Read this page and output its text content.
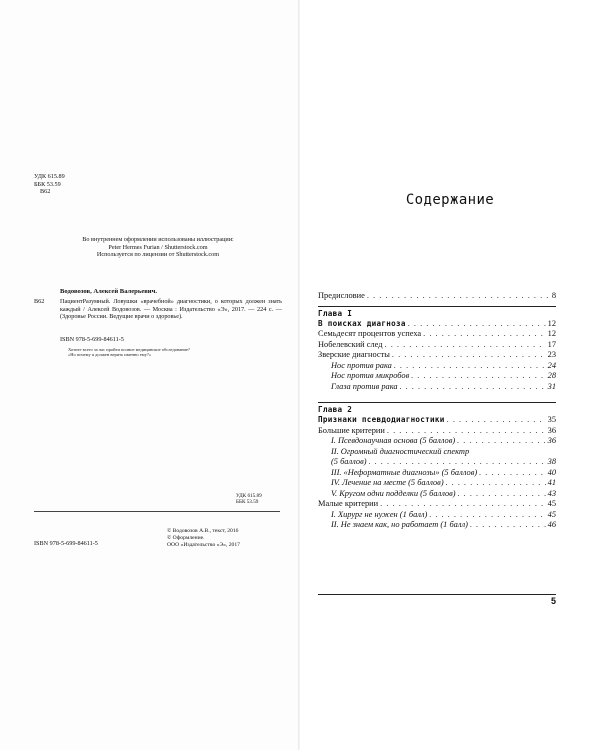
УДК 615.89
ББК 53.59
В62
Во внутреннем оформлении использованы иллюстрации:
Peter Hermes Furian / Shutterstock.com
Используется по лицензии от Shutterstock.com
Водовозов, Алексей Валерьевич.
В62	ПациентРазумный. Ловушки «врачебной» диагностики, о которых должен знать каждый / Алексей Водовозов. — Москва : Издательство «Э», 2017. — 224 с. — (Здоровье России. Ведущие врачи о здоровье).
ISBN 978-5-699-84611-5

Хотите всего за час пройти полное медицинское обследование?

«Но почему я должен верить именно ему?»

УДК 615.89
ББК 53.59
© Водовозов А.В., текст, 2016
© Оформление.
ООО «Издательство «Э», 2017
ISBN 978-5-699-84611-5
Содержание
Предисловие . . .	8
Глава I
В поисках диагноза . . .	12
Семьдесят процентов успеха . . .	12
Нобелевский след . . .	17
Зверские диагносты . . .	23
Нос против рака . . .	24
Нос против микробов . . .	28
Глаза против рака . . .	31
Глава 2
Признаки псевдодиагностики . . .	35
Большие критерии . . .	36
I. Псевдонаучная основа (5 баллов) . . .	36
II. Огромный диагностический спектр
(5 баллов) . . .	38
III. «Неформатные диагнозы» (5 баллов) . . .	40
IV. Лечение на месте (5 баллов) . . .	41
V. Кругом одни подделки (5 баллов) . . .	43
Малые критерии . . .	45
I. Хирург не нужен (1 балл) . . .	45
II. Не знаем как, но работает (1 балл) . . .	46
5
